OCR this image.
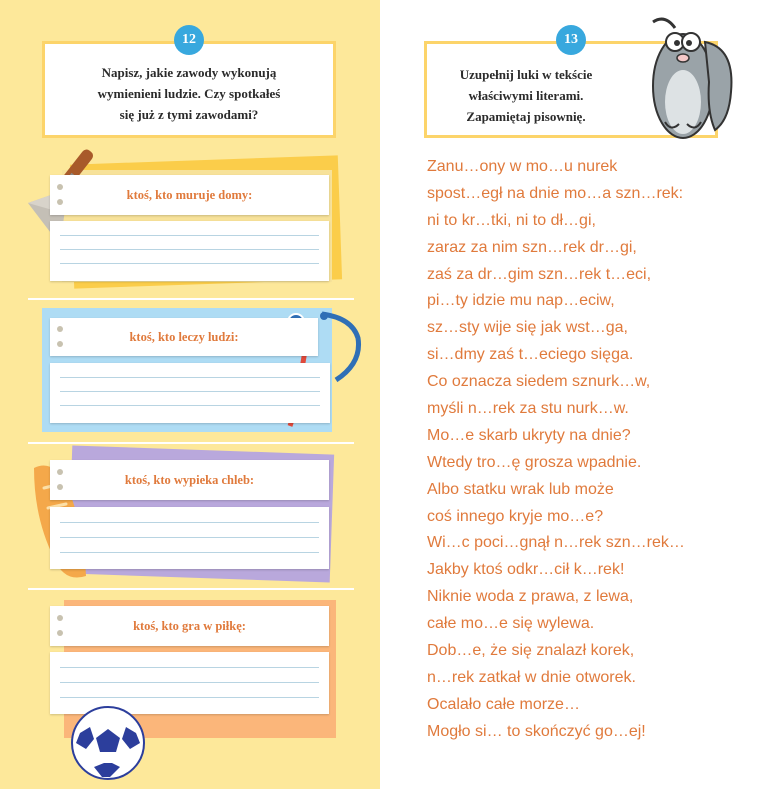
Napisz, jakie zawody wykonują
wymienieni ludzie. Czy spotkałeś
się już z tymi zawodami?
12
ktoś, kto muruje domy:
ktoś, kto leczy ludzi:
ktoś, kto wypieka chleb:
ktoś, kto gra w piłkę:
Uzupełnij luki w tekście
właściwymi literami.
Zapamiętaj pisownię.
13
Zanu…ony w mo…u nurek
spost…egł na dnie mo…a szn…rek:
ni to kr…tki, ni to dł…gi,
zaraz za nim szn…rek dr…gi,
zaś za dr…gim szn…rek t…eci,
pi…ty idzie mu nap…eciw,
sz…sty wije się jak wst…ga,
si…dmy zaś t…eciego sięga.
Co oznacza siedem sznurk…w,
myśli n…rek za stu nurk…w.
Mo…e skarb ukryty na dnie?
Wtedy tro…ę grosza wpadnie.
Albo statku wrak lub może
coś innego kryje mo…e?
Wi…c poci…gnął n…rek szn…rek…
Jakby ktoś odkr…cił k…rek!
Niknie woda z prawa, z lewa,
całe mo…e się wylewa.
Dob…e, że się znalazł korek,
n…rek zatkał w dnie otworek.
Ocalało całe morze…
Mogło si… to skończyć go…ej!
